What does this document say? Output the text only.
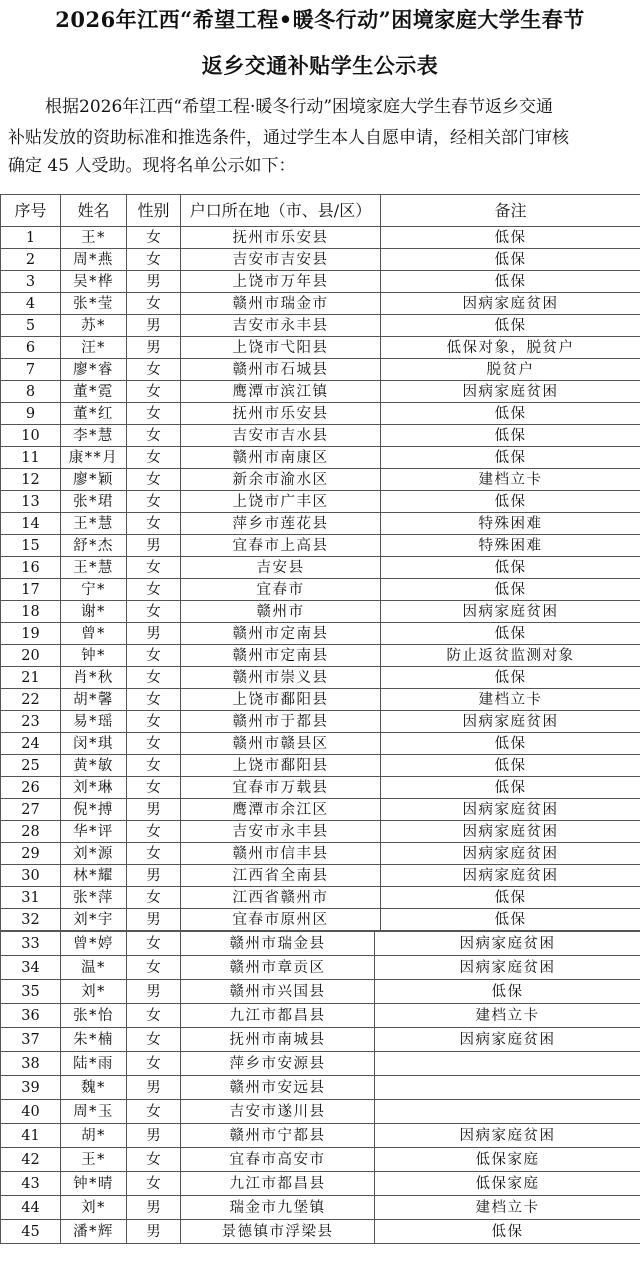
2026年江西“希望工程•暖冬行动”困境家庭大学生春节
返乡交通补贴学生公示表

根据2026年江西“希望工程·暖冬行动”困境家庭大学生春节返乡交通

补贴发放的资助标准和推选条件，通过学生本人自愿申请，经相关部门审核

确定 45 人受助。现将名单公示如下：

序号	姓名	性别	户口所在地（市、县/区）	备注
1	王*	女	抚州市乐安县	低保
2	周*燕	女	吉安市吉安县	低保
3	吴*桦	男	上饶市万年县	低保
4	张*莹	女	赣州市瑞金市	因病家庭贫困
5	苏*	男	吉安市永丰县	低保
6	汪*	男	上饶市弋阳县	低保对象，脱贫户
7	廖*睿	女	赣州市石城县	脱贫户
8	董*霓	女	鹰潭市滨江镇	因病家庭贫困
9	董*红	女	抚州市乐安县	低保
10	李*慧	女	吉安市吉水县	低保
11	康**月	女	赣州市南康区	低保
12	廖*颖	女	新余市渝水区	建档立卡
13	张*珺	女	上饶市广丰区	低保
14	王*慧	女	萍乡市莲花县	特殊困难
15	舒*杰	男	宜春市上高县	特殊困难
16	王*慧	女	吉安县	低保
17	宁*	女	宜春市	低保
18	谢*	女	赣州市	因病家庭贫困
19	曾*	男	赣州市定南县	低保
20	钟*	女	赣州市定南县	防止返贫监测对象
21	肖*秋	女	赣州市崇义县	低保
22	胡*馨	女	上饶市鄱阳县	建档立卡
23	易*瑶	女	赣州市于都县	因病家庭贫困
24	闵*琪	女	赣州市赣县区	低保
25	黄*敏	女	上饶市鄱阳县	低保
26	刘*琳	女	宜春市万载县	低保
27	倪*搏	男	鹰潭市余江区	因病家庭贫困
28	华*评	女	吉安市永丰县	因病家庭贫困
29	刘*源	女	赣州市信丰县	因病家庭贫困
30	林*耀	男	江西省全南县	因病家庭贫困
31	张*萍	女	江西省赣州市	低保
32	刘*宇	男	宜春市原州区	低保
33	曾*婷	女	赣州市瑞金县	因病家庭贫困
34	温*	女	赣州市章贡区	因病家庭贫困
35	刘*	男	赣州市兴国县	低保
36	张*怡	女	九江市都昌县	建档立卡
37	朱*楠	女	抚州市南城县	因病家庭贫困
38	陆*雨	女	萍乡市安源县	
39	魏*	男	赣州市安远县	
40	周*玉	女	吉安市遂川县	
41	胡*	男	赣州市宁都县	因病家庭贫困
42	王*	女	宜春市高安市	低保家庭
43	钟*晴	女	九江市都昌县	低保家庭
44	刘*	男	瑞金市九堡镇	建档立卡
45	潘*辉	男	景德镇市浮梁县	低保
